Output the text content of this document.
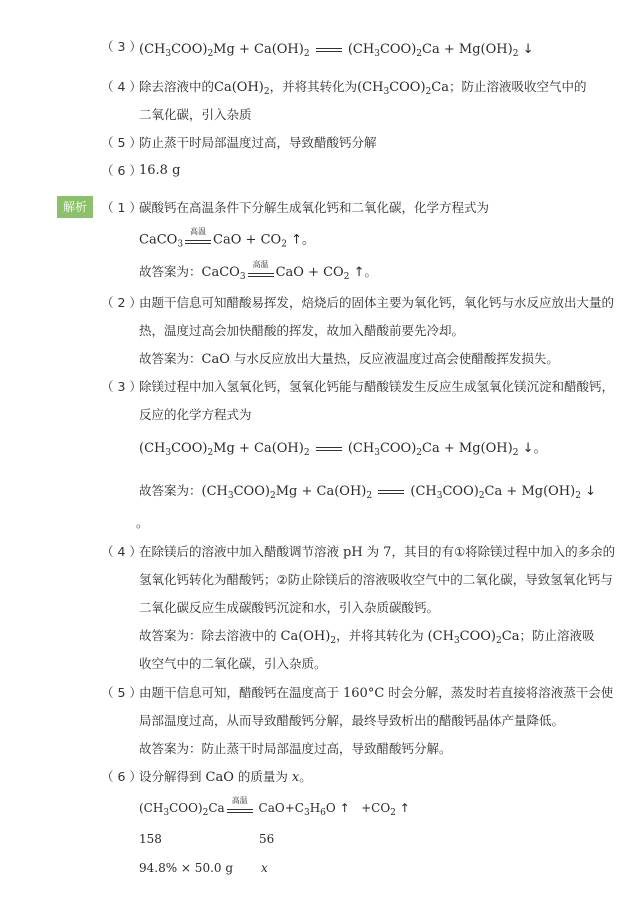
（ 3 ）
$(CH_3COO)_2Mg + Ca(OH)_2$	$(CH_3COO)_2Ca + Mg(OH)_2$ ↓
（ 4 ）
除去溶液中的$Ca(OH)_2$，并将其转化为$(CH_3COO)_2Ca$；防止溶液吸收空气中的
二氧化碳，引入杂质
（ 5 ）
防止蒸干时局部温度过高，导致醋酸钙分解
（ 6 ）
16.8 g
解析	（ 1 ）
碳酸钙在高温条件下分解生成氧化钙和二氧化碳，化学方程式为
CaCO$_3$
高温
CaO + $CO_2$ ↑。
故答案为：CaCO$_3$
高温
CaO + $CO_2$ ↑。
（ 2 ）
由题干信息可知醋酸易挥发，焙烧后的固体主要为氧化钙，氧化钙与水反应放出大量的
热，温度过高会加快醋酸的挥发，故加入醋酸前要先冷却。
故答案为：CaO 与水反应放出大量热，反应液温度过高会使醋酸挥发损失。
（ 3 ）
除镁过程中加入氢氧化钙，氢氧化钙能与醋酸镁发生反应生成氢氧化镁沉淀和醋酸钙，
反应的化学方程式为
$(CH_3COO)_2Mg + Ca(OH)_2$	$(CH_3COO)_2Ca + Mg(OH)_2$ ↓。
故答案为：$(CH_3COO)_2Mg + Ca(OH)_2$	$(CH_3COO)_2Ca + Mg(OH)_2$ ↓
。
（ 4 ）
在除镁后的溶液中加入醋酸调节溶液 pH 为 7，其目的有①将除镁过程中加入的多余的
氢氧化钙转化为醋酸钙；②防止除镁后的溶液吸收空气中的二氧化碳，导致氢氧化钙与
二氧化碳反应生成碳酸钙沉淀和水，引入杂质碳酸钙。
故答案为：除去溶液中的 $Ca(OH)_2$，并将其转化为 $(CH_3COO)_2Ca$；防止溶液吸
收空气中的二氧化碳，引入杂质。
（ 5 ）
由题干信息可知，醋酸钙在温度高于 160°C 时会分解，蒸发时若直接将溶液蒸干会使
局部温度过高，从而导致醋酸钙分解，最终导致析出的醋酸钙晶体产量降低。
故答案为：防止蒸干时局部温度过高，导致醋酸钙分解。
（ 6 ）
设分解得到 CaO 的质量为 x。
$(CH_3COO)_2Ca$
高温
$CaO+C_3H_6O$ ↑ $+CO_2$ ↑
158	56
94.8% × 50.0 g x
